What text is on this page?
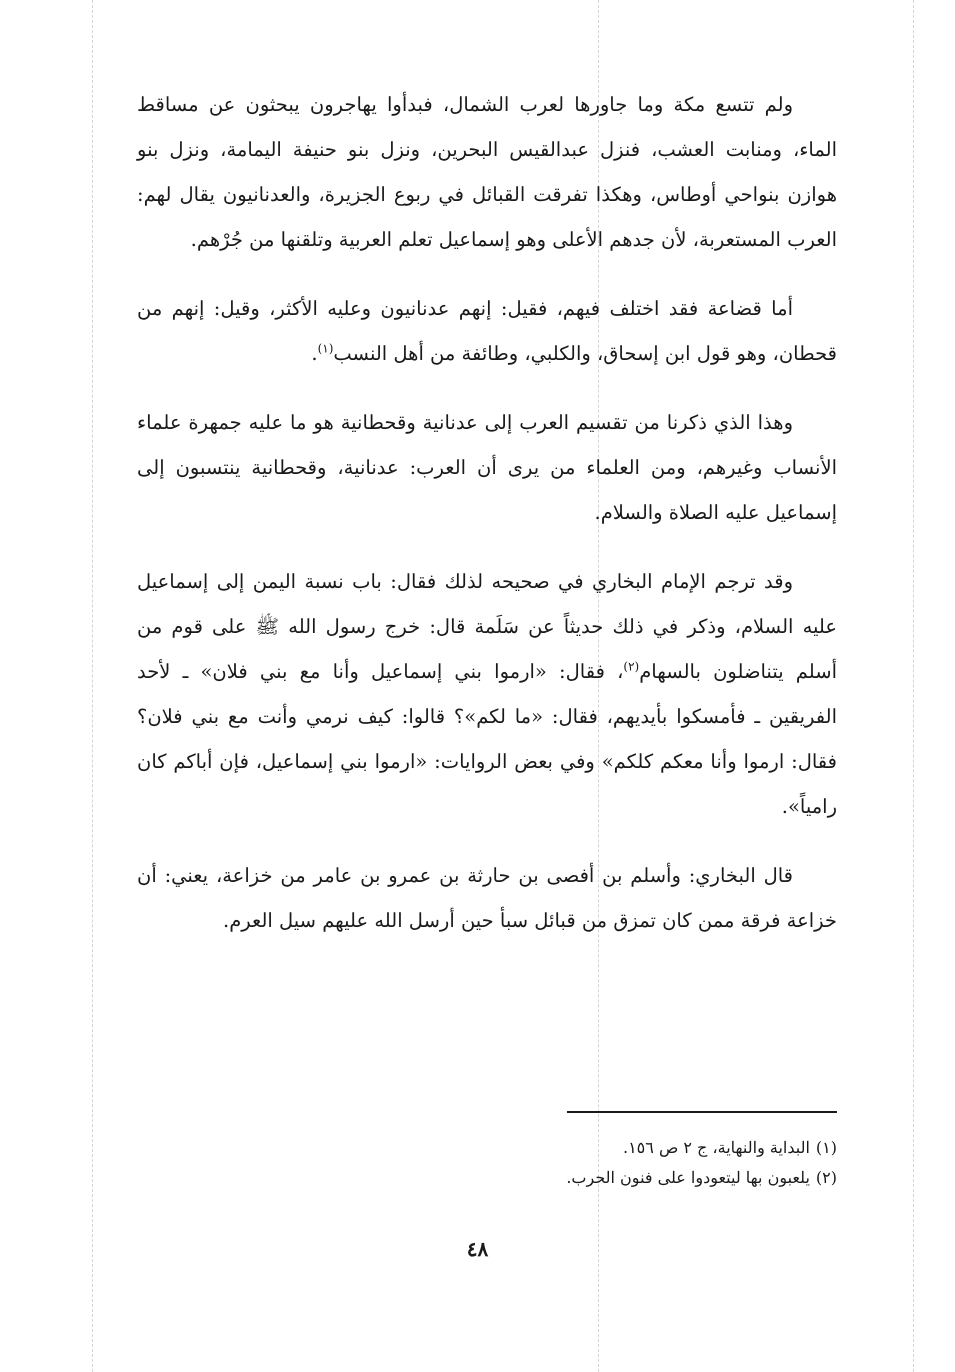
ولم تتسع مكة وما جاورها لعرب الشمال، فبدأوا يهاجرون يبحثون عن مساقط الماء، ومنابت العشب، فنزل عبدالقيس البحرين، ونزل بنو حنيفة اليمامة، ونزل بنو هوازن بنواحي أوطاس، وهكذا تفرقت القبائل في ربوع الجزيرة، والعدنانيون يقال لهم: العرب المستعربة، لأن جدهم الأعلى وهو إسماعيل تعلم العربية وتلقنها من جُرْهم.

أما قضاعة فقد اختلف فيهم، فقيل: إنهم عدنانيون وعليه الأكثر، وقيل: إنهم من قحطان، وهو قول ابن إسحاق، والكلبي، وطائفة من أهل النسب$^{(١)}$.

وهذا الذي ذكرنا من تقسيم العرب إلى عدنانية وقحطانية هو ما عليه جمهرة علماء الأنساب وغيرهم، ومن العلماء من يرى أن العرب: عدنانية، وقحطانية ينتسبون إلى إسماعيل عليه الصلاة والسلام.

وقد ترجم الإمام البخاري في صحيحه لذلك فقال: باب نسبة اليمن إلى إسماعيل عليه السلام، وذكر في ذلك حديثاً عن سَلَمة قال: خرج رسول الله ﷺ على قوم من أسلم يتناضلون بالسهام$^{(٢)}$، فقال: «ارموا بني إسماعيل وأنا مع بني فلان» ـ لأحد الفريقين ـ فأمسكوا بأيديهم، فقال: «ما لكم»؟ قالوا: كيف نرمي وأنت مع بني فلان؟ فقال: ارموا وأنا معكم كلكم» وفي بعض الروايات: «ارموا بني إسماعيل، فإن أباكم كان رامياً».

قال البخاري: وأسلم بن أفصى بن حارثة بن عمرو بن عامر من خزاعة، يعني: أن خزاعة فرقة ممن كان تمزق من قبائل سبأ حين أرسل الله عليهم سيل العرم.

(١)البداية والنهاية، ج ٢ ص ١٥٦.

(٢)يلعبون بها ليتعودوا على فنون الحرب.

٤٨
